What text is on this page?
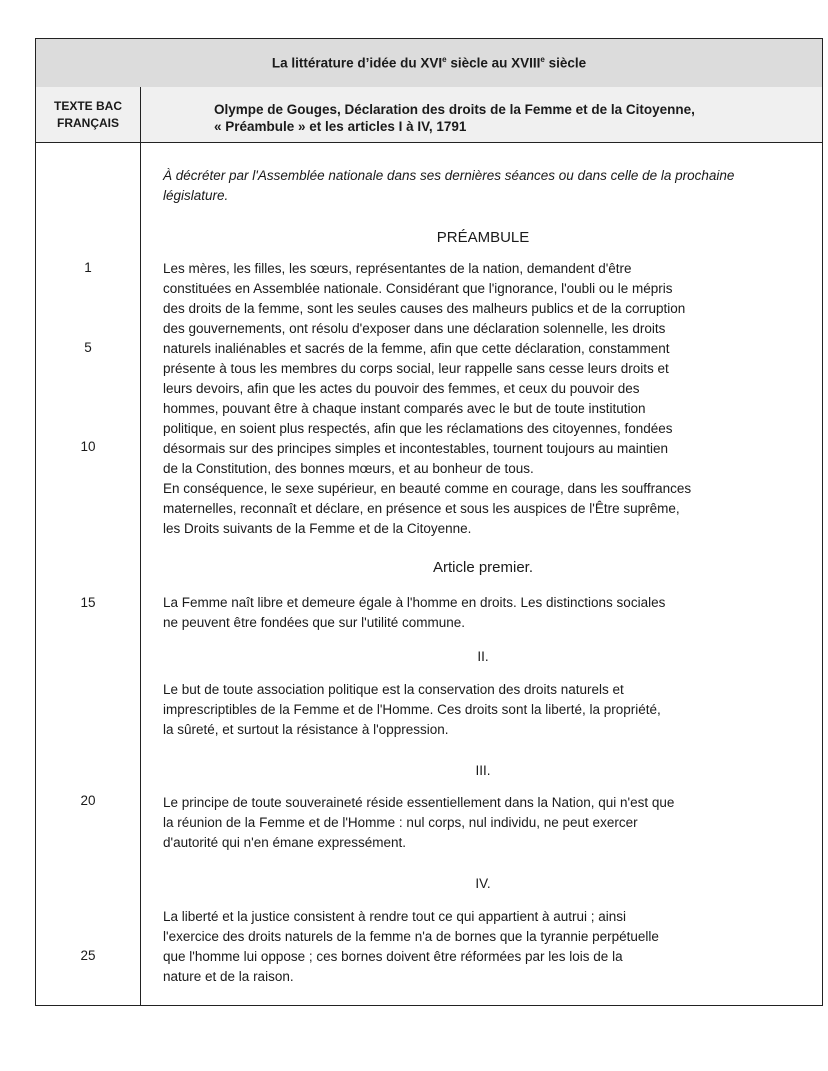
La littérature d’idée du XVIe siècle au XVIIIe siècle
TEXTE BAC
FRANÇAIS
Olympe de Gouges, Déclaration des droits de la Femme et de la Citoyenne,
« Préambule » et les articles I à IV, 1791
1
5
10
15
20
25
À décréter par l'Assemblée nationale dans ses dernières séances ou dans celle de la prochaine
législature.
PRÉAMBULE
Les mères, les filles, les sœurs, représentantes de la nation, demandent d'être
constituées en Assemblée nationale. Considérant que l'ignorance, l'oubli ou le mépris
des droits de la femme, sont les seules causes des malheurs publics et de la corruption
des gouvernements, ont résolu d'exposer dans une déclaration solennelle, les droits
naturels inaliénables et sacrés de la femme, afin que cette déclaration, constamment
présente à tous les membres du corps social, leur rappelle sans cesse leurs droits et
leurs devoirs, afin que les actes du pouvoir des femmes, et ceux du pouvoir des
hommes, pouvant être à chaque instant comparés avec le but de toute institution
politique, en soient plus respectés, afin que les réclamations des citoyennes, fondées
désormais sur des principes simples et incontestables, tournent toujours au maintien
de la Constitution, des bonnes mœurs, et au bonheur de tous.
En conséquence, le sexe supérieur, en beauté comme en courage, dans les souffrances
maternelles, reconnaît et déclare, en présence et sous les auspices de l'Être suprême,
les Droits suivants de la Femme et de la Citoyenne.
Article premier.
La Femme naît libre et demeure égale à l'homme en droits. Les distinctions sociales
ne peuvent être fondées que sur l'utilité commune.
II.
Le but de toute association politique est la conservation des droits naturels et
imprescriptibles de la Femme et de l'Homme. Ces droits sont la liberté, la propriété,
la sûreté, et surtout la résistance à l'oppression.
III.
Le principe de toute souveraineté réside essentiellement dans la Nation, qui n'est que
la réunion de la Femme et de l'Homme : nul corps, nul individu, ne peut exercer
d'autorité qui n'en émane expressément.
IV.
La liberté et la justice consistent à rendre tout ce qui appartient à autrui ; ainsi
l'exercice des droits naturels de la femme n'a de bornes que la tyrannie perpétuelle
que l'homme lui oppose ; ces bornes doivent être réformées par les lois de la
nature et de la raison.
